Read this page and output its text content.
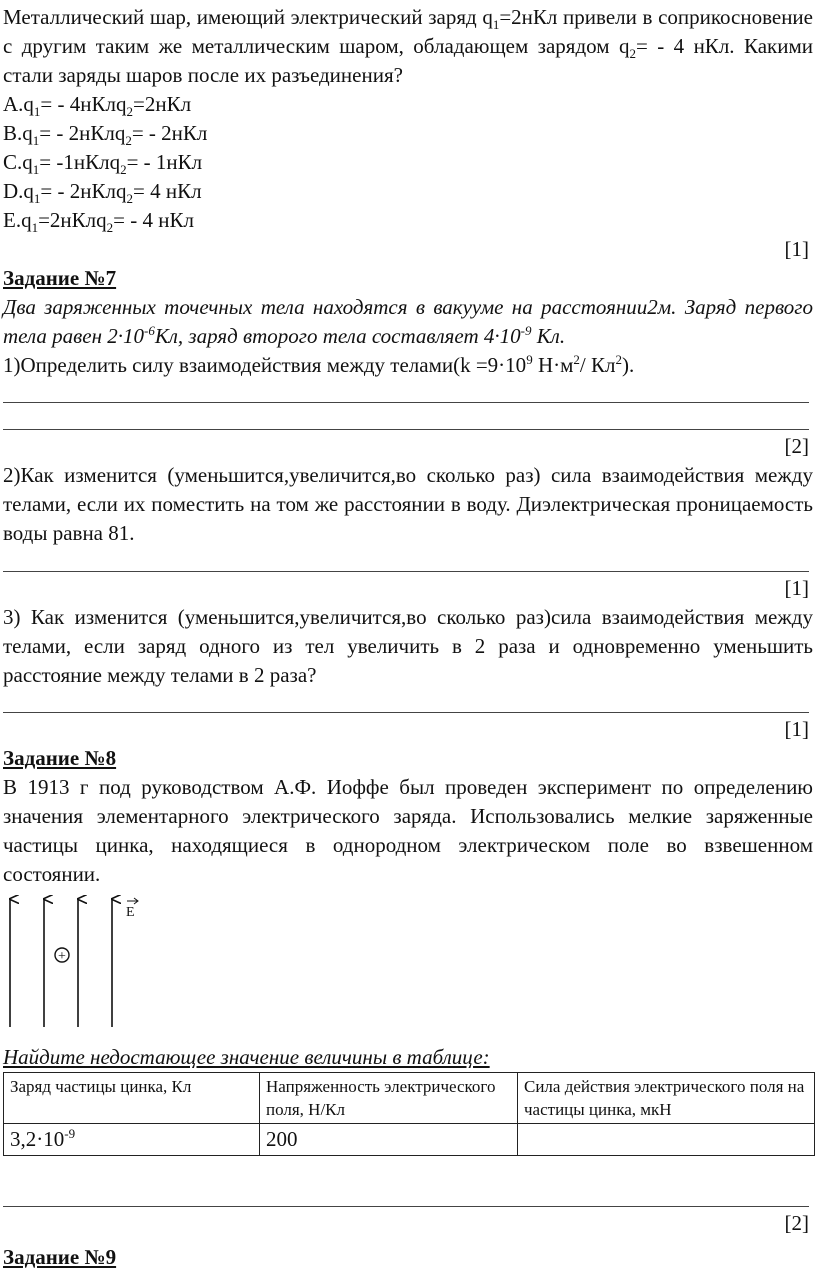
Металлический шар, имеющий электрический заряд $q_1=2нКл$ привели в соприкосновение с другим таким же металлическим шаром, обладающем зарядом $q_2= - 4$ нКл. Какими стали заряды шаров после их разъединения?

$A.q_1=$ - 4нКлq$_2$=2нКл

$B.q_1=$ - 2нКлq$_2$= - 2нКл

$C.q_1=$ -1нКлq$_2$= - 1нКл

$D.q_1=$ - 2нКлq$_2$= 4 нКл

$E.q_1=2нКлq_2= - 4$ нКл

[1]

Задание №7

Два заряженных точечных тела находятся в вакууме на расстоянии2м. Заряд первого тела равен $2\cdot 10^{-6}Кл$, заряд второго тела составляет $4\cdot 10^{-9}$ Кл.

1)Определить силу взаимодействия между телами(k $=9\cdot 10^9$ $Н\cdot м^2/$ $Кл^2$).

[2]

2)Как изменится (уменьшится,увеличится,во сколько раз) сила взаимодействия между телами, если их поместить на том же расстоянии в воду. Диэлектрическая проницаемость воды равна 81.

[1]

3) Как изменится (уменьшится,увеличится,во сколько раз)сила взаимодействия между телами, если заряд одного из тел увеличить в 2 раза и одновременно уменьшить расстояние между телами в 2 раза?

[1]

Задание №8

В 1913 г под руководством А.Ф. Иоффе был проведен эксперимент по определению значения элементарного электрического заряда. Использовались мелкие заряженные частицы цинка, находящиеся в однородном электрическом поле во взвешенном состоянии.

+
E

Найдите недостающее значение величины в таблице:

Заряд частицы цинка, Кл	Напряженность электрического поля, Н/Кл	Сила действия электрического поля на частицы цинка, мкН
$3,2\cdot 10^{-9}$	200	

[2]

Задание №9
